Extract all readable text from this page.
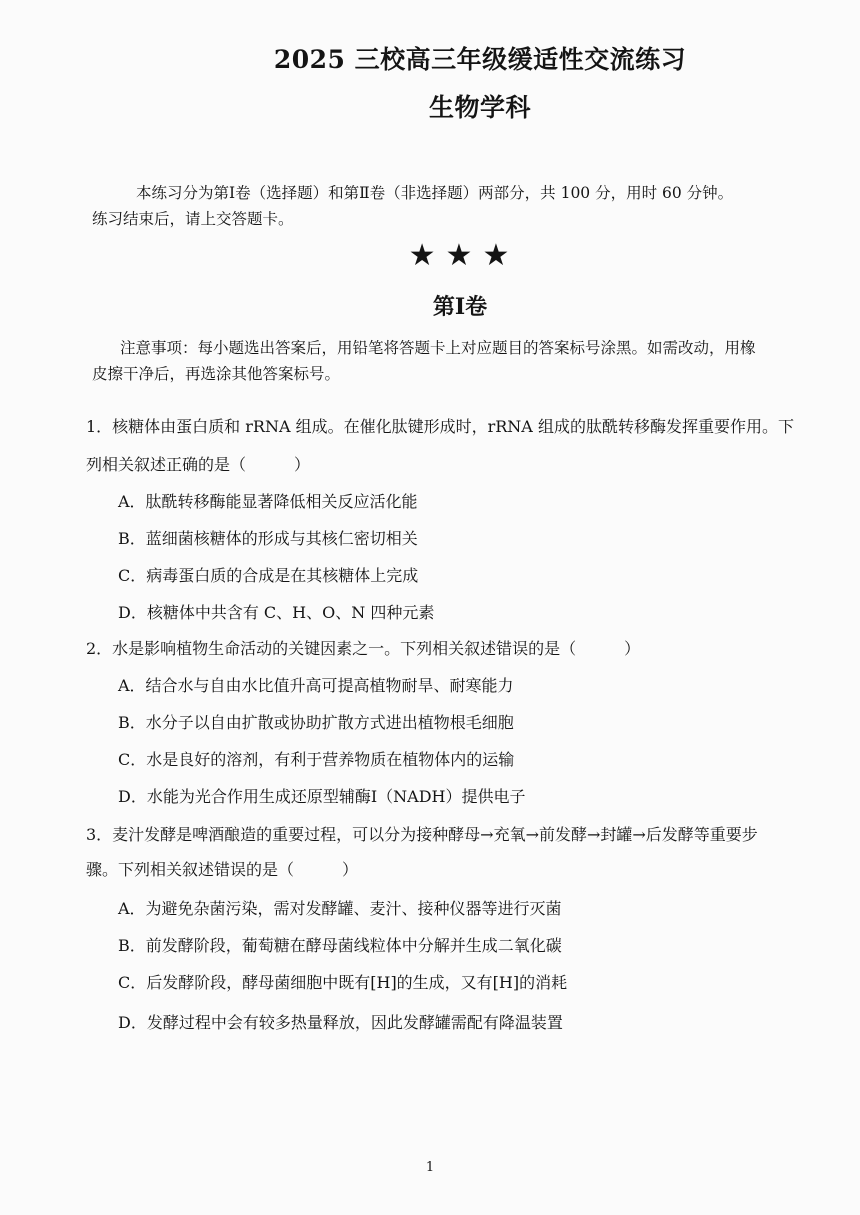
2025 三校高三年级缓适性交流练习
生物学科
本练习分为第Ⅰ卷（选择题）和第Ⅱ卷（非选择题）两部分，共 100 分，用时 60 分钟。
练习结束后，请上交答题卡。
★★★
第Ⅰ卷
注意事项：每小题选出答案后，用铅笔将答题卡上对应题目的答案标号涂黑。如需改动，用橡
皮擦干净后，再选涂其他答案标号。
1．核糖体由蛋白质和 rRNA 组成。在催化肽键形成时，rRNA 组成的肽酰转移酶发挥重要作用。下
列相关叙述正确的是（　　　）
A．肽酰转移酶能显著降低相关反应活化能
B．蓝细菌核糖体的形成与其核仁密切相关
C．病毒蛋白质的合成是在其核糖体上完成
D．核糖体中共含有 C、H、O、N 四种元素
2．水是影响植物生命活动的关键因素之一。下列相关叙述错误的是（　　　）
A．结合水与自由水比值升高可提高植物耐旱、耐寒能力
B．水分子以自由扩散或协助扩散方式进出植物根毛细胞
C．水是良好的溶剂，有利于营养物质在植物体内的运输
D．水能为光合作用生成还原型辅酶Ⅰ（NADH）提供电子
3．麦汁发酵是啤酒酿造的重要过程，可以分为接种酵母→充氧→前发酵→封罐→后发酵等重要步
骤。下列相关叙述错误的是（　　　）
A．为避免杂菌污染，需对发酵罐、麦汁、接种仪器等进行灭菌
B．前发酵阶段，葡萄糖在酵母菌线粒体中分解并生成二氧化碳
C．后发酵阶段，酵母菌细胞中既有[H]的生成，又有[H]的消耗
D．发酵过程中会有较多热量释放，因此发酵罐需配有降温装置
1
